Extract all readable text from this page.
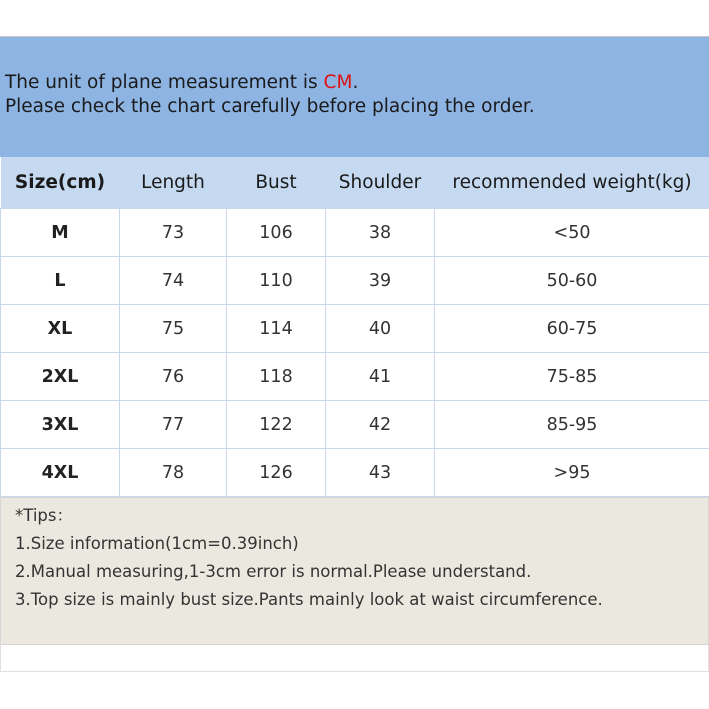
The unit of plane measurement is CM.
Please check the chart carefully before placing the order.
Size(cm)	Length	Bust	Shoulder	recommended weight(kg)
M	73	106	38	<50
L	74	110	39	50-60
XL	75	114	40	60-75
2XL	76	118	41	75-85
3XL	77	122	42	85-95
4XL	78	126	43	>95
*Tips：
1.Size information(1cm=0.39inch)
2.Manual measuring,1-3cm error is normal.Please understand.
3.Top size is mainly bust size.Pants mainly look at waist circumference.
